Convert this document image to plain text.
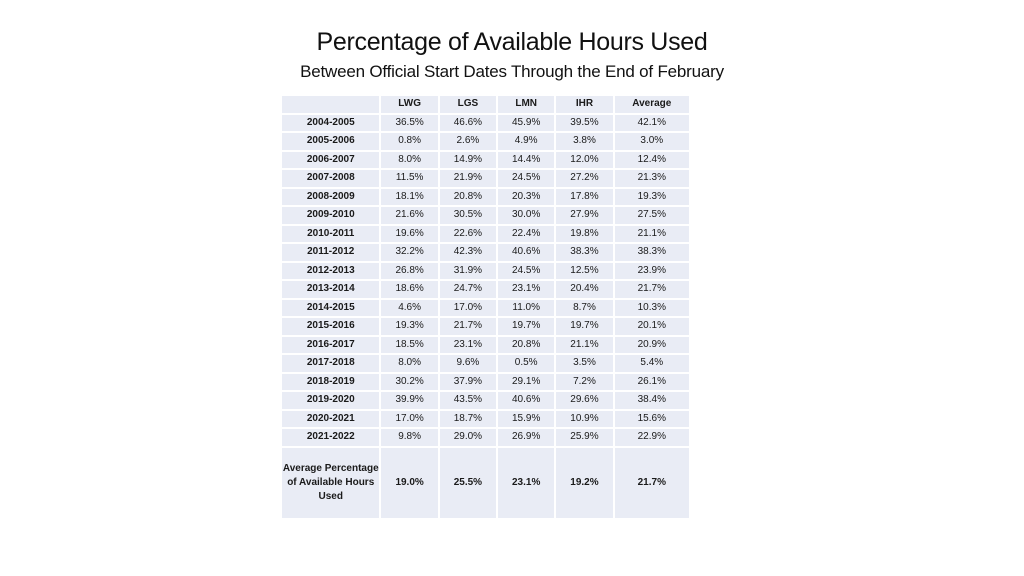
Percentage of Available Hours Used
Between Official Start Dates Through the End of February
	LWG	LGS	LMN	IHR	Average
2004-2005	36.5%	46.6%	45.9%	39.5%	42.1%
2005-2006	0.8%	2.6%	4.9%	3.8%	3.0%
2006-2007	8.0%	14.9%	14.4%	12.0%	12.4%
2007-2008	11.5%	21.9%	24.5%	27.2%	21.3%
2008-2009	18.1%	20.8%	20.3%	17.8%	19.3%
2009-2010	21.6%	30.5%	30.0%	27.9%	27.5%
2010-2011	19.6%	22.6%	22.4%	19.8%	21.1%
2011-2012	32.2%	42.3%	40.6%	38.3%	38.3%
2012-2013	26.8%	31.9%	24.5%	12.5%	23.9%
2013-2014	18.6%	24.7%	23.1%	20.4%	21.7%
2014-2015	4.6%	17.0%	11.0%	8.7%	10.3%
2015-2016	19.3%	21.7%	19.7%	19.7%	20.1%
2016-2017	18.5%	23.1%	20.8%	21.1%	20.9%
2017-2018	8.0%	9.6%	0.5%	3.5%	5.4%
2018-2019	30.2%	37.9%	29.1%	7.2%	26.1%
2019-2020	39.9%	43.5%	40.6%	29.6%	38.4%
2020-2021	17.0%	18.7%	15.9%	10.9%	15.6%
2021-2022	9.8%	29.0%	26.9%	25.9%	22.9%
Average Percentage
of Available Hours
Used	19.0%	25.5%	23.1%	19.2%	21.7%
